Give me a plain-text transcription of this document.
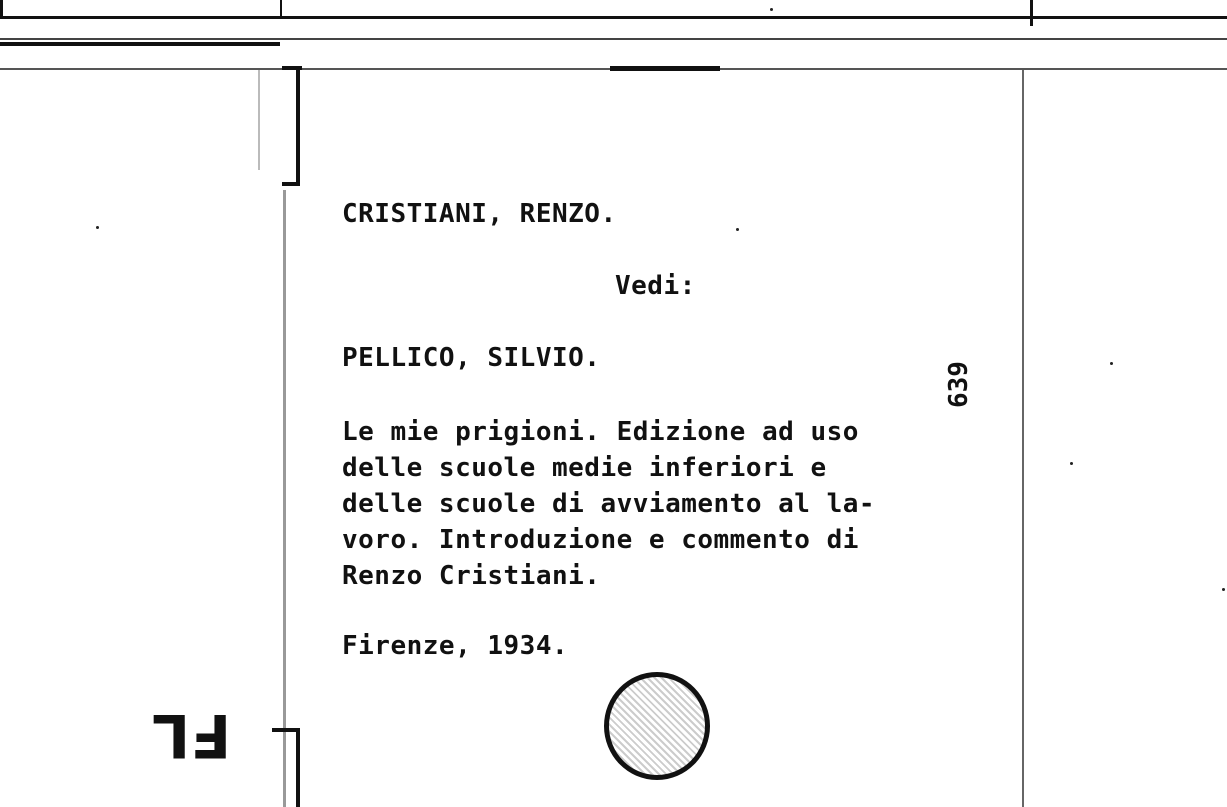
CRISTIANI, RENZO.
Vedi:
PELLICO, SILVIO.
Le mie prigioni. Edizione ad uso
delle scuole medie inferiori e
delle scuole di avviamento al la-
voro. Introduzione e commento di
Renzo Cristiani.
Firenze, 1934.
639
FL
